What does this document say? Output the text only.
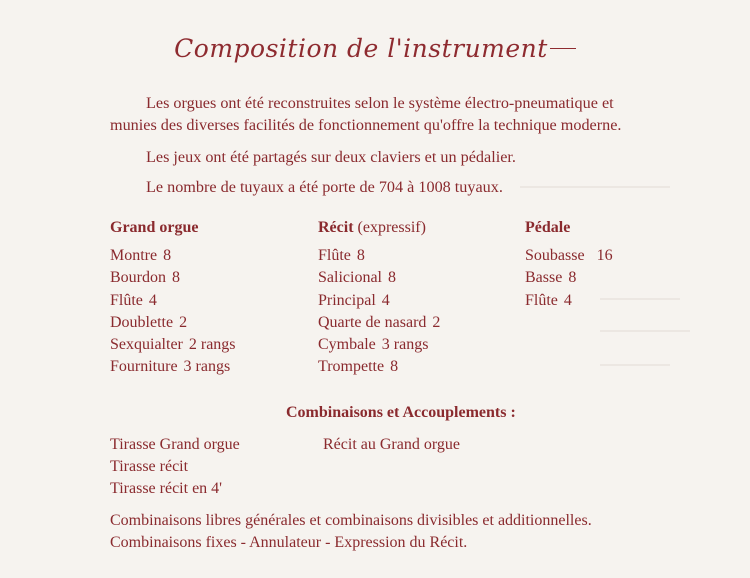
Composition de l'instrument
Les orgues ont été reconstruites selon le système électro-pneumatique et
munies des diverses facilités de fonctionnement qu'offre la technique moderne.
Les jeux ont été partagés sur deux claviers et un pédalier.
Le nombre de tuyaux a été porte de 704 à 1008 tuyaux.
Grand orgue
Montre 8
Bourdon 8
Flûte 4
Doublette 2
Sexquialter 2 rangs
Fourniture 3 rangs
Récit (expressif)
Flûte 8
Salicional 8
Principal 4
Quarte de nasard 2
Cymbale 3 rangs
Trompette 8
Pédale
Soubasse 16
Basse 8
Flûte 4
Combinaisons et Accouplements :
Tirasse Grand orgue
Tirasse récit
Tirasse récit en 4'
Récit au Grand orgue
Combinaisons libres générales et combinaisons divisibles et additionnelles.
Combinaisons fixes - Annulateur - Expression du Récit.
